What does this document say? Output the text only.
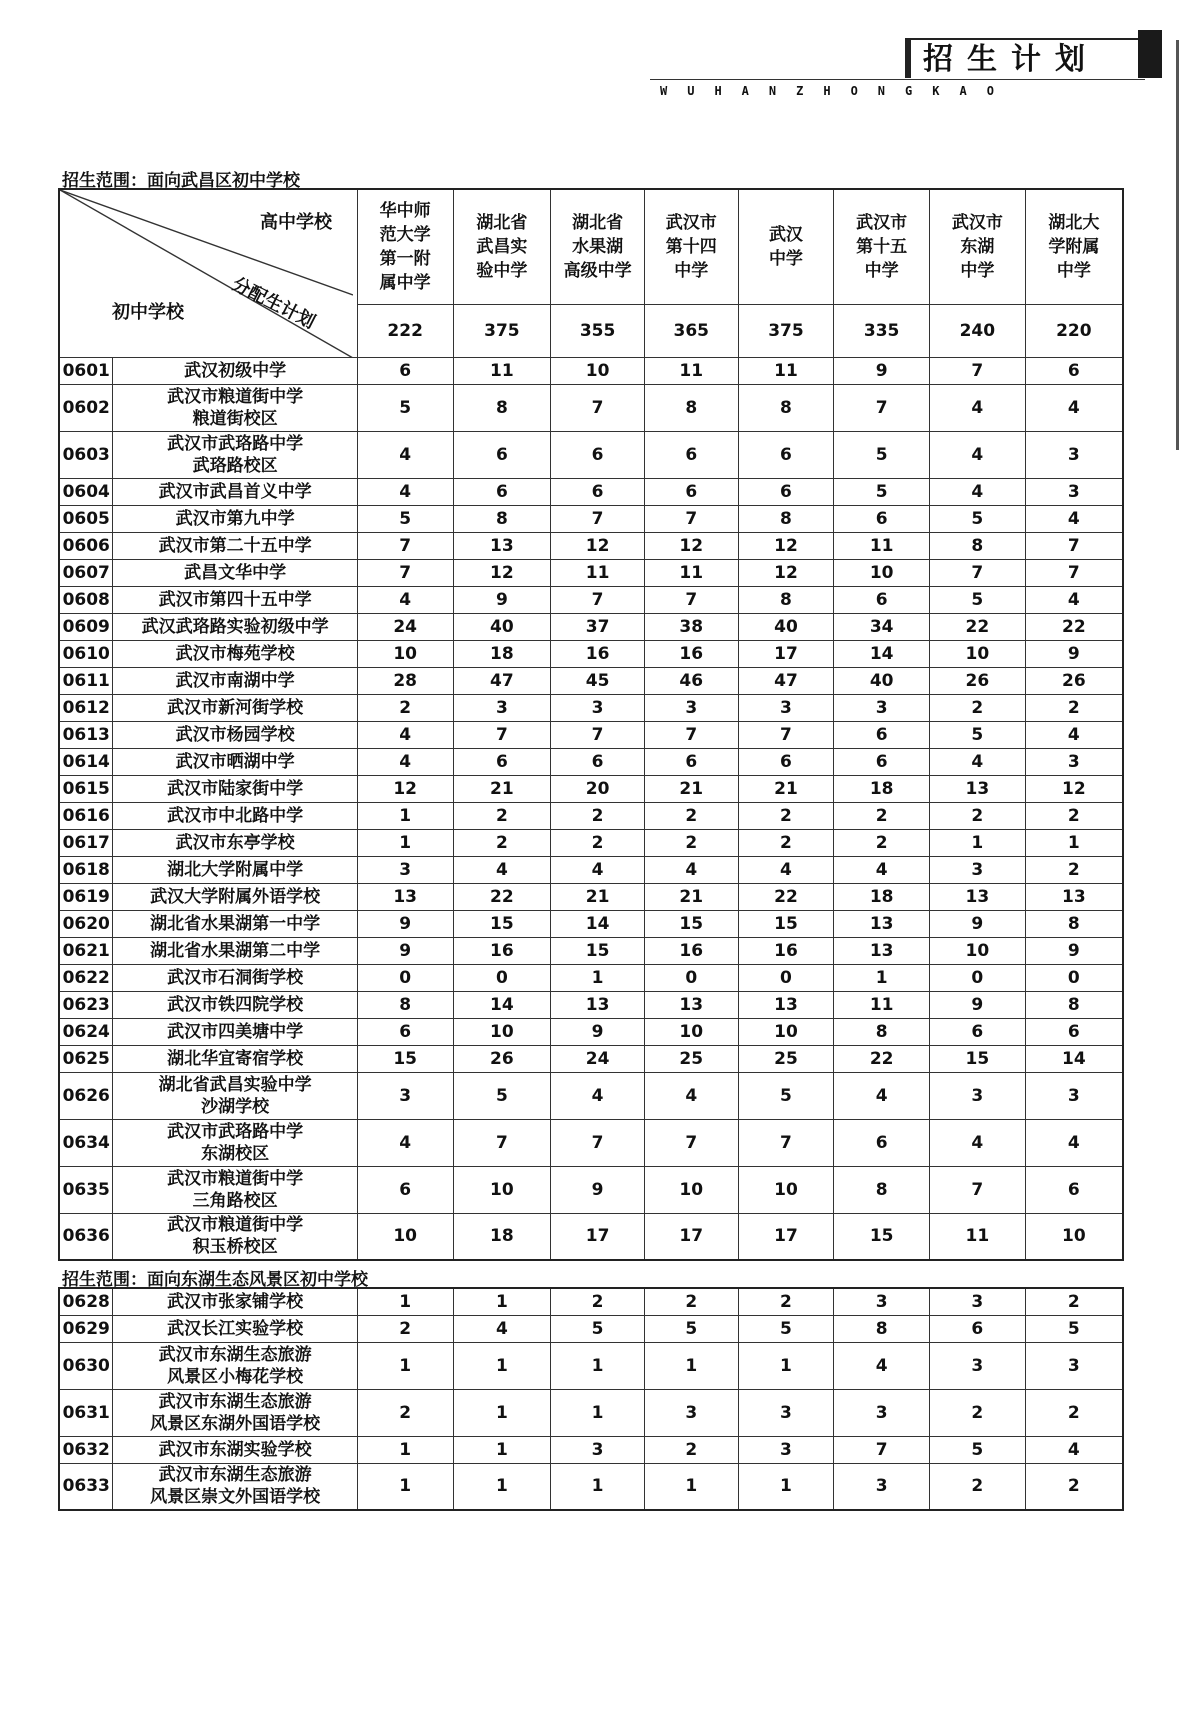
招生计划
WUHANZHONGKAO
招生范围：面向武昌区初中学校
高中学校
分配生计划
初中学校		华中师
范大学
第一附
属中学	湖北省
武昌实
验中学	湖北省
水果湖
高级中学	武汉市
第十四
中学	武汉
中学	武汉市
第十五
中学	武汉市
东湖
中学	湖北大
学附属
中学

		222	375	355	365	375	335	240	220
0601	武汉初级中学	6	11	10	11	11	9	7	6
0602	武汉市粮道街中学
粮道街校区	5	8	7	8	8	7	4	4
0603	武汉市武珞路中学
武珞路校区	4	6	6	6	6	5	4	3
0604	武汉市武昌首义中学	4	6	6	6	6	5	4	3
0605	武汉市第九中学	5	8	7	7	8	6	5	4
0606	武汉市第二十五中学	7	13	12	12	12	11	8	7
0607	武昌文华中学	7	12	11	11	12	10	7	7
0608	武汉市第四十五中学	4	9	7	7	8	6	5	4
0609	武汉武珞路实验初级中学	24	40	37	38	40	34	22	22
0610	武汉市梅苑学校	10	18	16	16	17	14	10	9
0611	武汉市南湖中学	28	47	45	46	47	40	26	26
0612	武汉市新河街学校	2	3	3	3	3	3	2	2
0613	武汉市杨园学校	4	7	7	7	7	6	5	4
0614	武汉市晒湖中学	4	6	6	6	6	6	4	3
0615	武汉市陆家街中学	12	21	20	21	21	18	13	12
0616	武汉市中北路中学	1	2	2	2	2	2	2	2
0617	武汉市东亭学校	1	2	2	2	2	2	1	1
0618	湖北大学附属中学	3	4	4	4	4	4	3	2
0619	武汉大学附属外语学校	13	22	21	21	22	18	13	13
0620	湖北省水果湖第一中学	9	15	14	15	15	13	9	8
0621	湖北省水果湖第二中学	9	16	15	16	16	13	10	9
0622	武汉市石洞街学校	0	0	1	0	0	1	0	0
0623	武汉市铁四院学校	8	14	13	13	13	11	9	8
0624	武汉市四美塘中学	6	10	9	10	10	8	6	6
0625	湖北华宜寄宿学校	15	26	24	25	25	22	15	14
0626	湖北省武昌实验中学
沙湖学校	3	5	4	4	5	4	3	3
0634	武汉市武珞路中学
东湖校区	4	7	7	7	7	6	4	4
0635	武汉市粮道街中学
三角路校区	6	10	9	10	10	8	7	6
0636	武汉市粮道街中学
积玉桥校区	10	18	17	17	17	15	11	10
招生范围：面向东湖生态风景区初中学校
0628	武汉市张家铺学校	1	1	2	2	2	3	3	2
0629	武汉长江实验学校	2	4	5	5	5	8	6	5
0630	武汉市东湖生态旅游
风景区小梅花学校	1	1	1	1	1	4	3	3
0631	武汉市东湖生态旅游
风景区东湖外国语学校	2	1	1	3	3	3	2	2
0632	武汉市东湖实验学校	1	1	3	2	3	7	5	4
0633	武汉市东湖生态旅游
风景区崇文外国语学校	1	1	1	1	1	3	2	2
